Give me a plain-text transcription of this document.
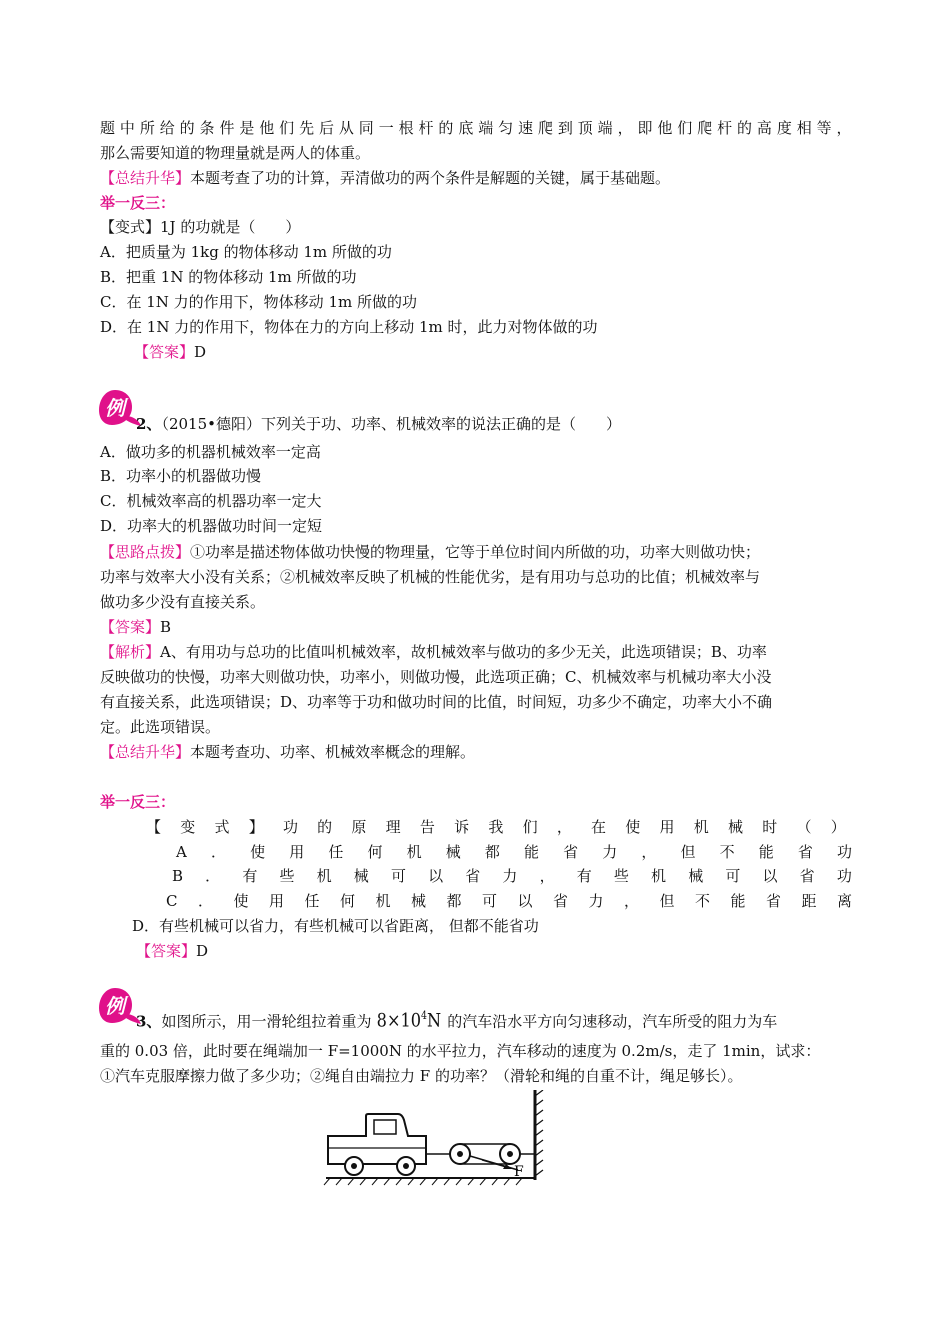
题 中 所 给 的 条 件 是 他 们 先 后 从 同 一 根 杆 的 底 端 匀 速 爬 到 顶 端 ， 即 他 们 爬 杆 的 高 度 相 等 ，
那么需要知道的物理量就是两人的体重。
【总结升华】本题考查了功的计算，弄清做功的两个条件是解题的关键，属于基础题。
举一反三：
【变式】1J 的功就是（　　）
A．把质量为 1kg 的物体移动 1m 所做的功
B．把重 1N 的物体移动 1m 所做的功
C．在 1N 力的作用下，物体移动 1m 所做的功
D．在 1N 力的作用下，物体在力的方向上移动 1m 时，此力对物体做的功
【答案】D
例
2、（2015•德阳）下列关于功、功率、机械效率的说法正确的是（　　）
A．做功多的机器机械效率一定高
B．功率小的机器做功慢
C．机械效率高的机器功率一定大
D．功率大的机器做功时间一定短
【思路点拨】①功率是描述物体做功快慢的物理量，它等于单位时间内所做的功，功率大则做功快；
功率与效率大小没有关系；②机械效率反映了机械的性能优劣，是有用功与总功的比值；机械效率与
做功多少没有直接关系。
【答案】B
【解析】A、有用功与总功的比值叫机械效率，故机械效率与做功的多少无关，此选项错误；B、功率
反映做功的快慢，功率大则做功快，功率小，则做功慢，此选项正确；C、机械效率与机械功率大小没
有直接关系，此选项错误；D、功率等于功和做功时间的比值，时间短，功多少不确定，功率大小不确
定。此选项错误。
【总结升华】本题考查功、功率、机械效率概念的理解。
举一反三：
【 变 式 】 功 的 原 理 告 诉 我 们 ， 在 使 用 机 械 时 （ ）
A ． 使 用 任 何 机 械 都 能 省 力 ， 但 不 能 省 功
B ． 有 些 机 械 可 以 省 力 ， 有 些 机 械 可 以 省 功
C ． 使 用 任 何 机 械 都 可 以 省 力 ， 但 不 能 省 距 离
D．有些机械可以省力，有些机械可以省距离， 但都不能省功
【答案】D
例
3、如图所示，用一滑轮组拉着重为 $8\times 10^4N$ 的汽车沿水平方向匀速移动，汽车所受的阻力为车
重的 0.03 倍，此时要在绳端加一 F=1000N 的水平拉力，汽车移动的速度为 0.2m/s，走了 1min，试求：
①汽车克服摩擦力做了多少功；②绳自由端拉力 F 的功率？（滑轮和绳的自重不计，绳足够长）。
F
